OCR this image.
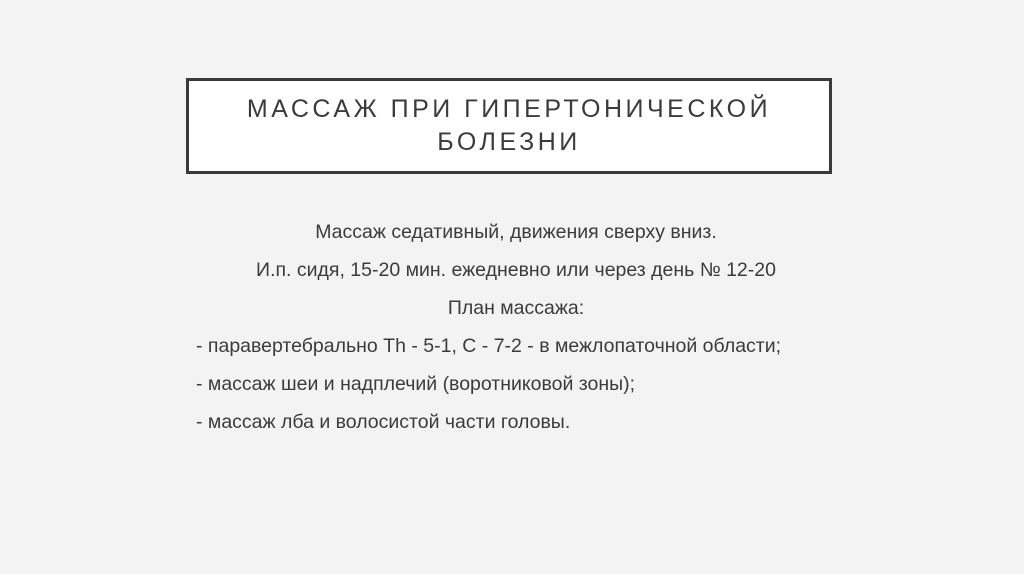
МАССАЖ ПРИ ГИПЕРТОНИЧЕСКОЙ
БОЛЕЗНИ

Массаж седативный, движения сверху вниз.

И.п. сидя, 15-20 мин. ежедневно или через день № 12-20

План массажа:

- паравертебрально Th - 5-1, С - 7-2 - в межлопаточной области;

- массаж шеи и надплечий (воротниковой зоны);

- массаж лба и волосистой части головы.
